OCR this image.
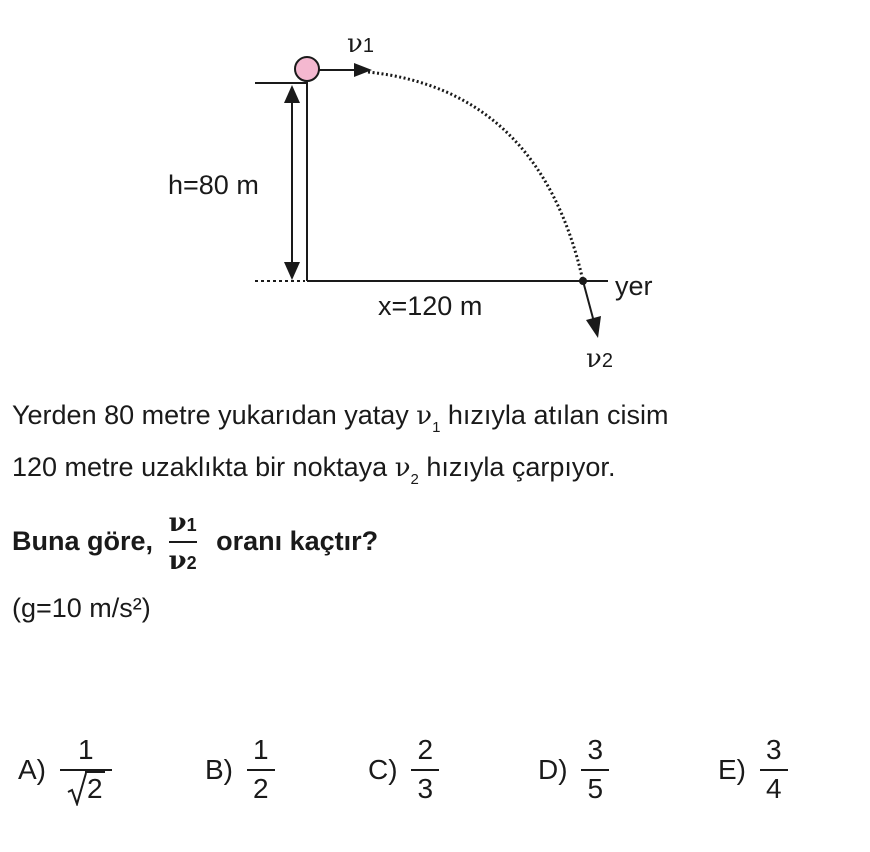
ν1
ν2
h=80 m
x=120 m
yer
Yerden 80 metre yukarıdan yatay $\nu_1$ hızıyla atılan cisim
120 metre uzaklıkta bir noktaya $\nu_2$ hızıyla çarpıyor.
Buna göre, $\frac{\nu 1}{\nu 2}$ oranı kaçtır?
(g=10 m/s²)
$A) \frac{1}{2}$	$B) \frac{1}{2}$	$C) \frac{2}{3}$	$D) \frac{3}{5}$	$E) \frac{3}{4}$
